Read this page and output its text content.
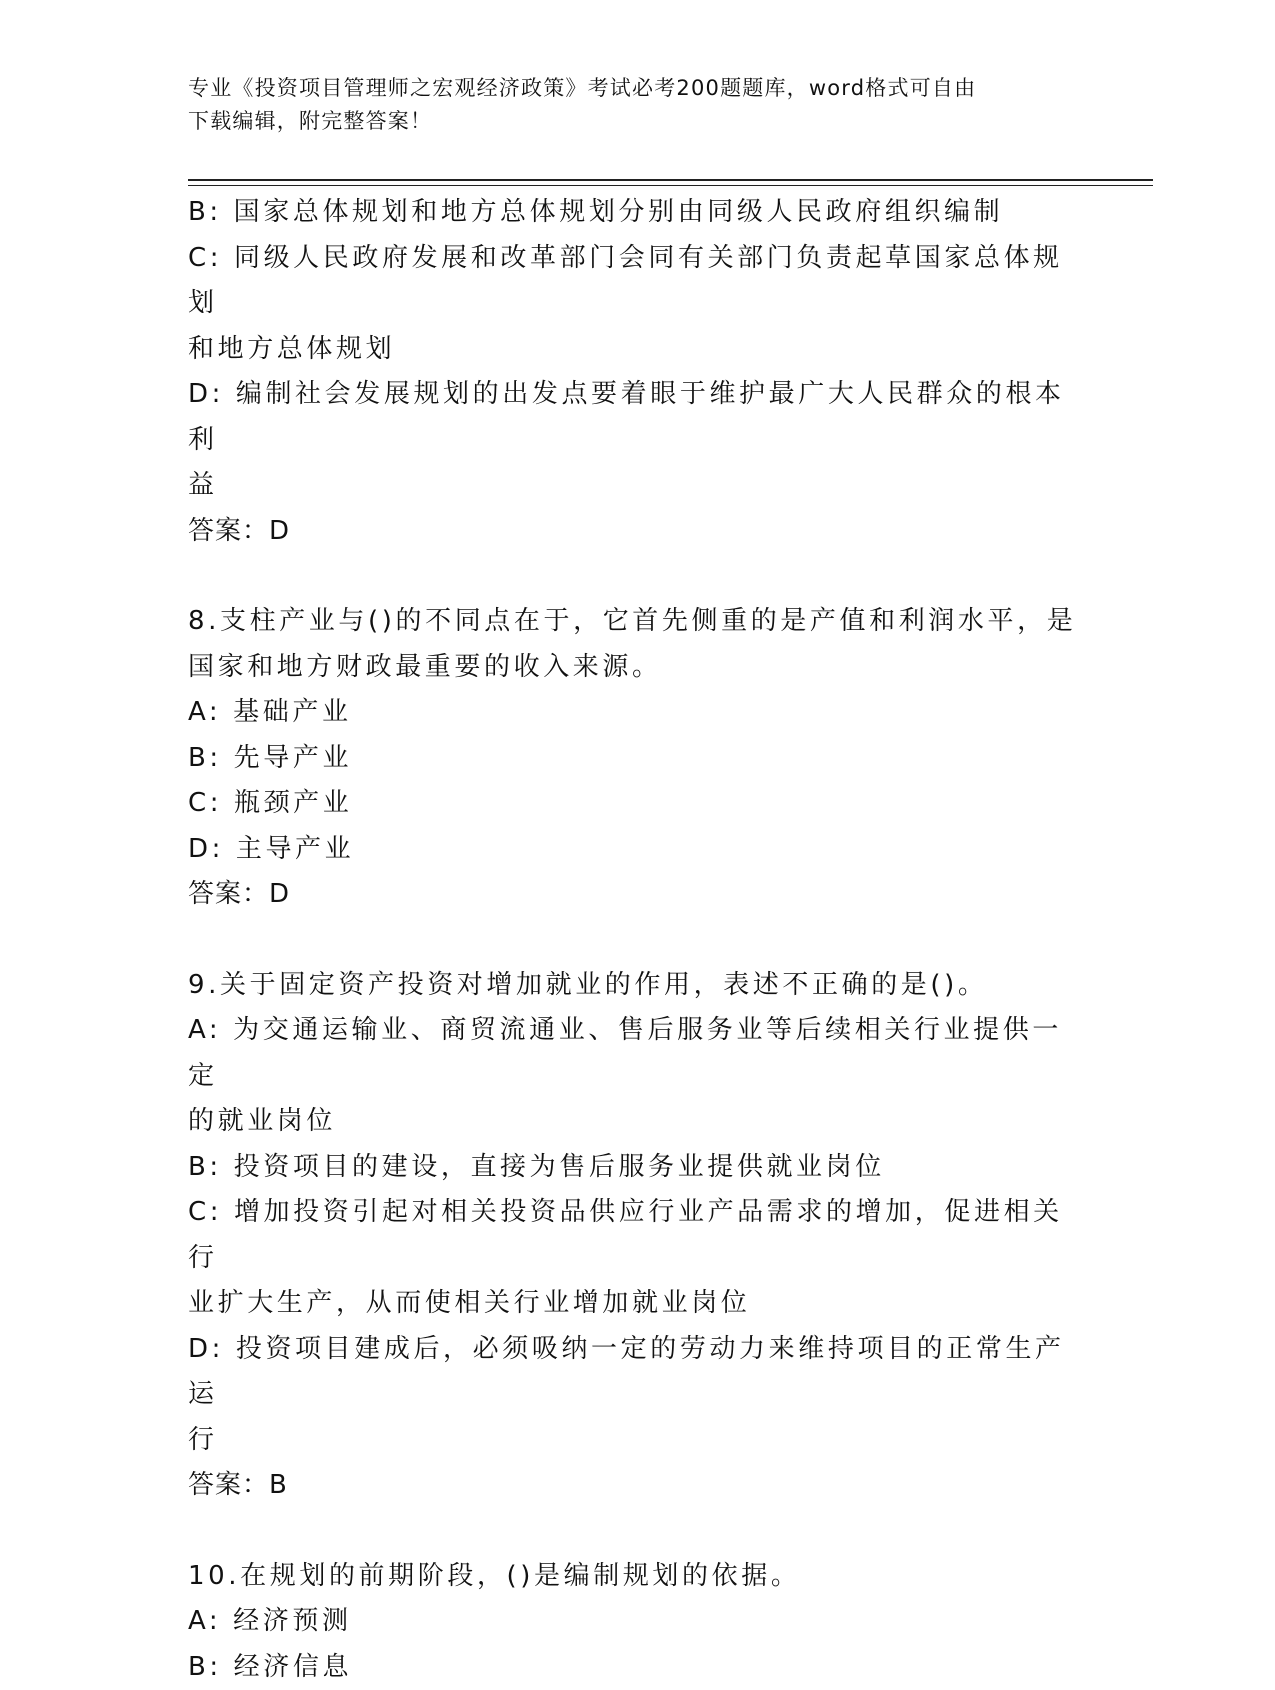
专业《投资项目管理师之宏观经济政策》考试必考200题题库，word格式可自由
下载编辑，附完整答案！

B: 国家总体规划和地方总体规划分别由同级人民政府组织编制

C: 同级人民政府发展和改革部门会同有关部门负责起草国家总体规划

和地方总体规划

D: 编制社会发展规划的出发点要着眼于维护最广大人民群众的根本利

益

答案：D

8.支柱产业与()的不同点在于，它首先侧重的是产值和利润水平，是

国家和地方财政最重要的收入来源。

A: 基础产业

B: 先导产业

C: 瓶颈产业

D: 主导产业

答案：D

9.关于固定资产投资对增加就业的作用，表述不正确的是()。

A: 为交通运输业、商贸流通业、售后服务业等后续相关行业提供一定

的就业岗位

B: 投资项目的建设，直接为售后服务业提供就业岗位

C: 增加投资引起对相关投资品供应行业产品需求的增加，促进相关行

业扩大生产，从而使相关行业增加就业岗位

D: 投资项目建成后，必须吸纳一定的劳动力来维持项目的正常生产运

行

答案：B

10.在规划的前期阶段，()是编制规划的依据。

A: 经济预测

B: 经济信息
